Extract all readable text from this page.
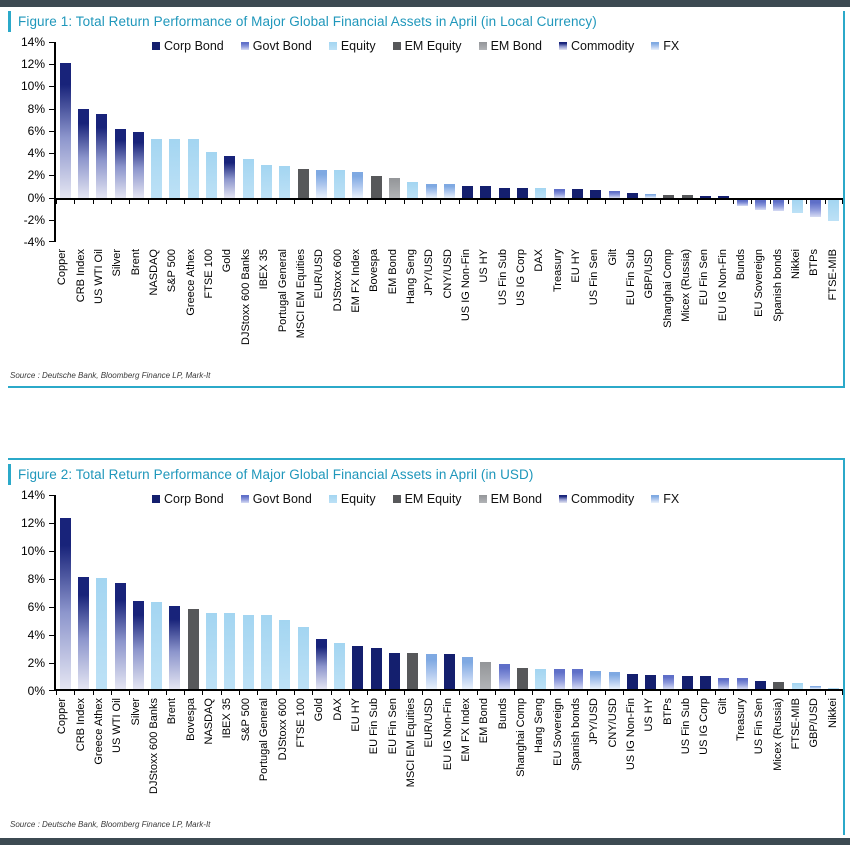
Figure 1: Total Return Performance of Major Global Financial Assets in April (in Local Currency)
14%
12%
10%
8%
6%
4%
2%
0%
-2%
-4%
Corp Bond Govt Bond Equity EM Equity EM Bond Commodity FX
Copper CRB Index US WTI Oil Silver Brent NASDAQ S&P 500 Greece Athex FTSE 100 Gold DJStoxx 600 Banks IBEX 35 Portugal General MSCI EM Equities EUR/USD DJStoxx 600 EM FX Index Bovespa EM Bond Hang Seng JPY/USD CNY/USD US IG Non-Fin US HY US Fin Sub US IG Corp DAX Treasury EU HY US Fin Sen Gilt EU Fin Sub GBP/USD Shanghai Comp Micex (Russia) EU Fin Sen EU IG Non-Fin Bunds EU Sovereign Spanish bonds Nikkei BTPs FTSE-MIB
Source : Deutsche Bank, Bloomberg Finance LP, Mark-It
Figure 2: Total Return Performance of Major Global Financial Assets in April (in USD)
14%
12%
10%
8%
6%
4%
2%
0%
Corp Bond Govt Bond Equity EM Equity EM Bond Commodity FX
Copper CRB Index Greece Athex US WTI Oil Silver DJStoxx 600 Banks Brent Bovespa NASDAQ IBEX 35 S&P 500 Portugal General DJStoxx 600 FTSE 100 Gold DAX EU HY EU Fin Sub EU Fin Sen MSCI EM Equities EUR/USD EU IG Non-Fin EM FX Index EM Bond Bunds Shanghai Comp Hang Seng EU Sovereign Spanish bonds JPY/USD CNY/USD US IG Non-Fin US HY BTPs US Fin Sub US IG Corp Gilt Treasury US Fin Sen Micex (Russia) FTSE-MIB GBP/USD Nikkei
Source : Deutsche Bank, Bloomberg Finance LP, Mark-It
